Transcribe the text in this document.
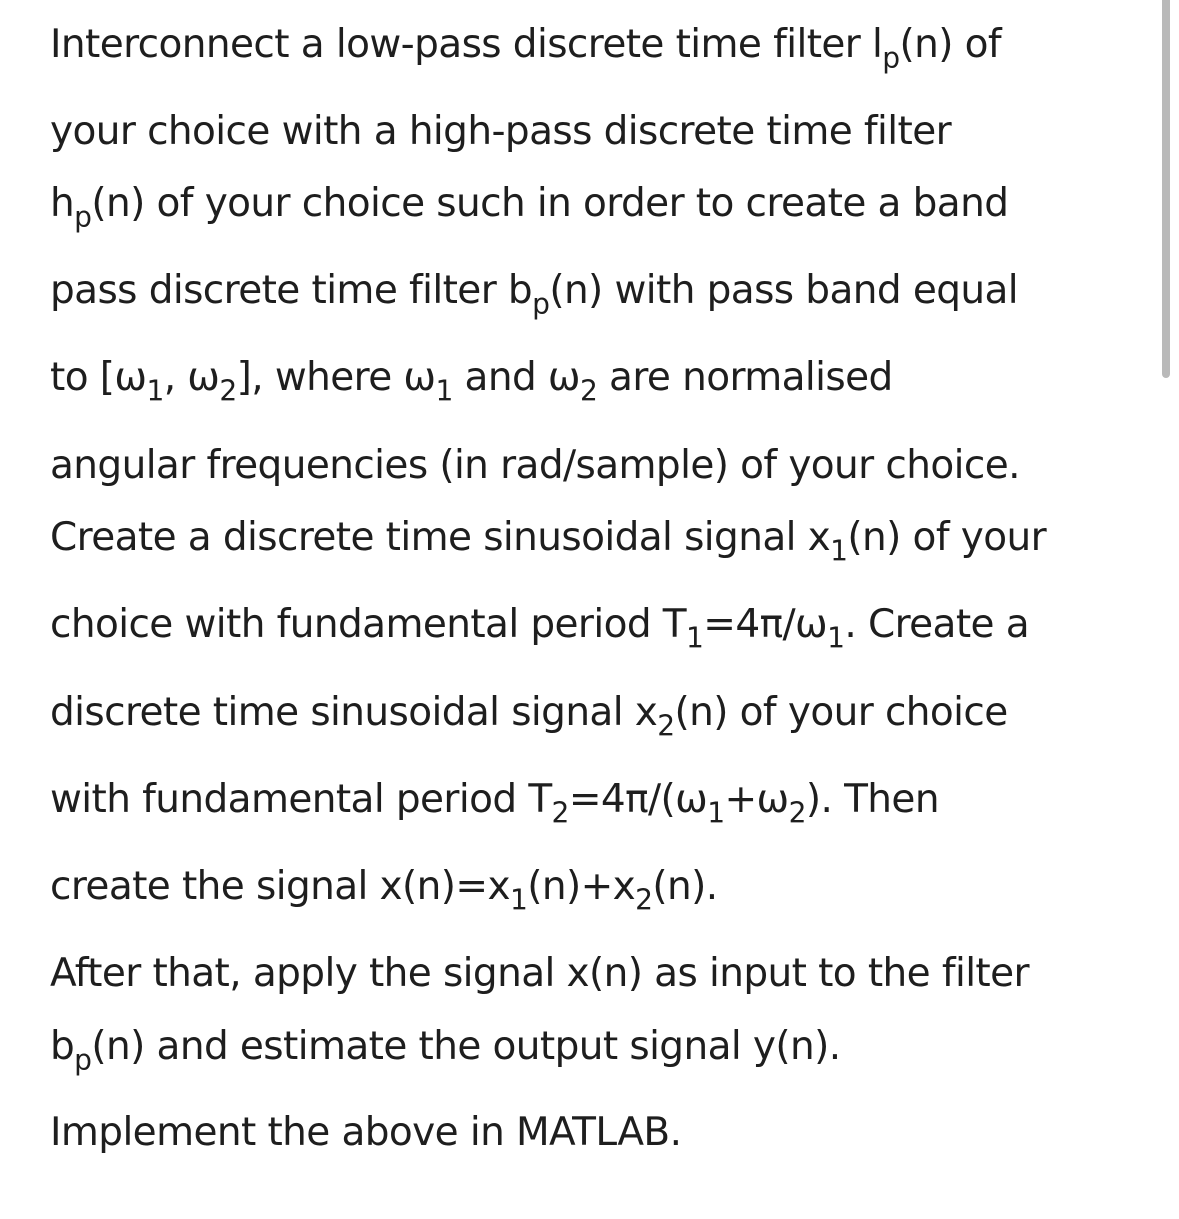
Interconnect a low-pass discrete time filter $l_p(n)$ of
your choice with a high-pass discrete time filter
$h_p(n)$ of your choice such in order to create a band
pass discrete time filter $b_p(n)$ with pass band equal
to [$\omega_1$, $\omega_2$], where $\omega_1$ and $\omega_2$ are normalised
angular frequencies (in rad/sample) of your choice.
Create a discrete time sinusoidal signal $x_1(n)$ of your
choice with fundamental period $T_1=4\pi/\omega_1$. Create a
discrete time sinusoidal signal $x_2(n)$ of your choice
with fundamental period $T_2=4\pi/(\omega_1+\omega_2)$. Then
create the signal $x(n)=x_1(n)+x_2(n)$.
After that, apply the signal x(n) as input to the filter
$b_p(n)$ and estimate the output signal y(n).
Implement the above in MATLAB.
